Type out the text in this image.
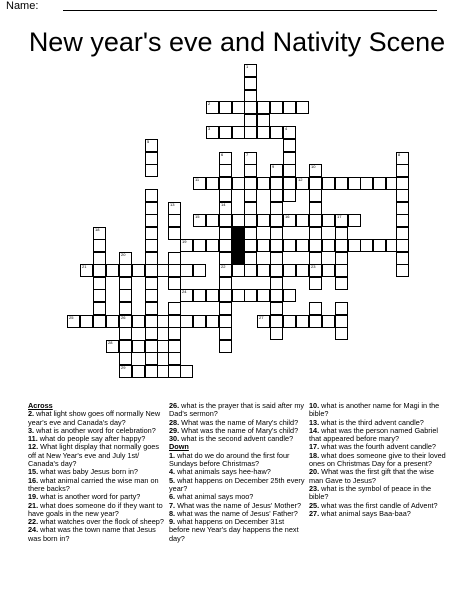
Name:
New year's eve and Nativity Scene
1
2
3	4
5
6	7	8
9	10
11	12
13	14
15	16	17
18
19
20
21	22	23
24
25	26	27
28
29
Across
2. what light show goes off normally New year's eve and Canada's day?
3. what is another word for celebration?
11. what do people say after happy?
12. What light display that normally goes off at New Year's eve and July 1st/ Canada's day?
15. what was baby Jesus born in?
16. what animal carried the wise man on there backs?
19. what is another word for party?
21. what does someone do if they want to have goals in the new year?
22. what watches over the flock of sheep?
24. what was the town name that Jesus was born in?
26. what is the prayer that is said after my Dad's sermon?
28. What was the name of Mary's child?
29. What was the name of Mary's child?
30. what is the second advent candle?
Down
1. what do we do around the first four Sundays before Christmas?
4. what animals says hee-haw?
5. what happens on December 25th every year?
6. what animal says moo?
7. What was the name of Jesus' Mother?
8. what was the name of Jesus' Father?
9. what happens on December 31st before new Year's day happens the next day?
10. what is another name for Magi in the bible?
13. what is the third advent candle?
14. what was the person named Gabriel that appeared before mary?
17. what was the fourth advent candle?
18. what does someone give to their loved ones on Christmas Day for a present?
20. What was the first gift that the wise man Gave to Jesus?
23. what is the symbol of peace in the bible?
25. what was the first candle of Advent?
27. what animal says Baa-baa?
